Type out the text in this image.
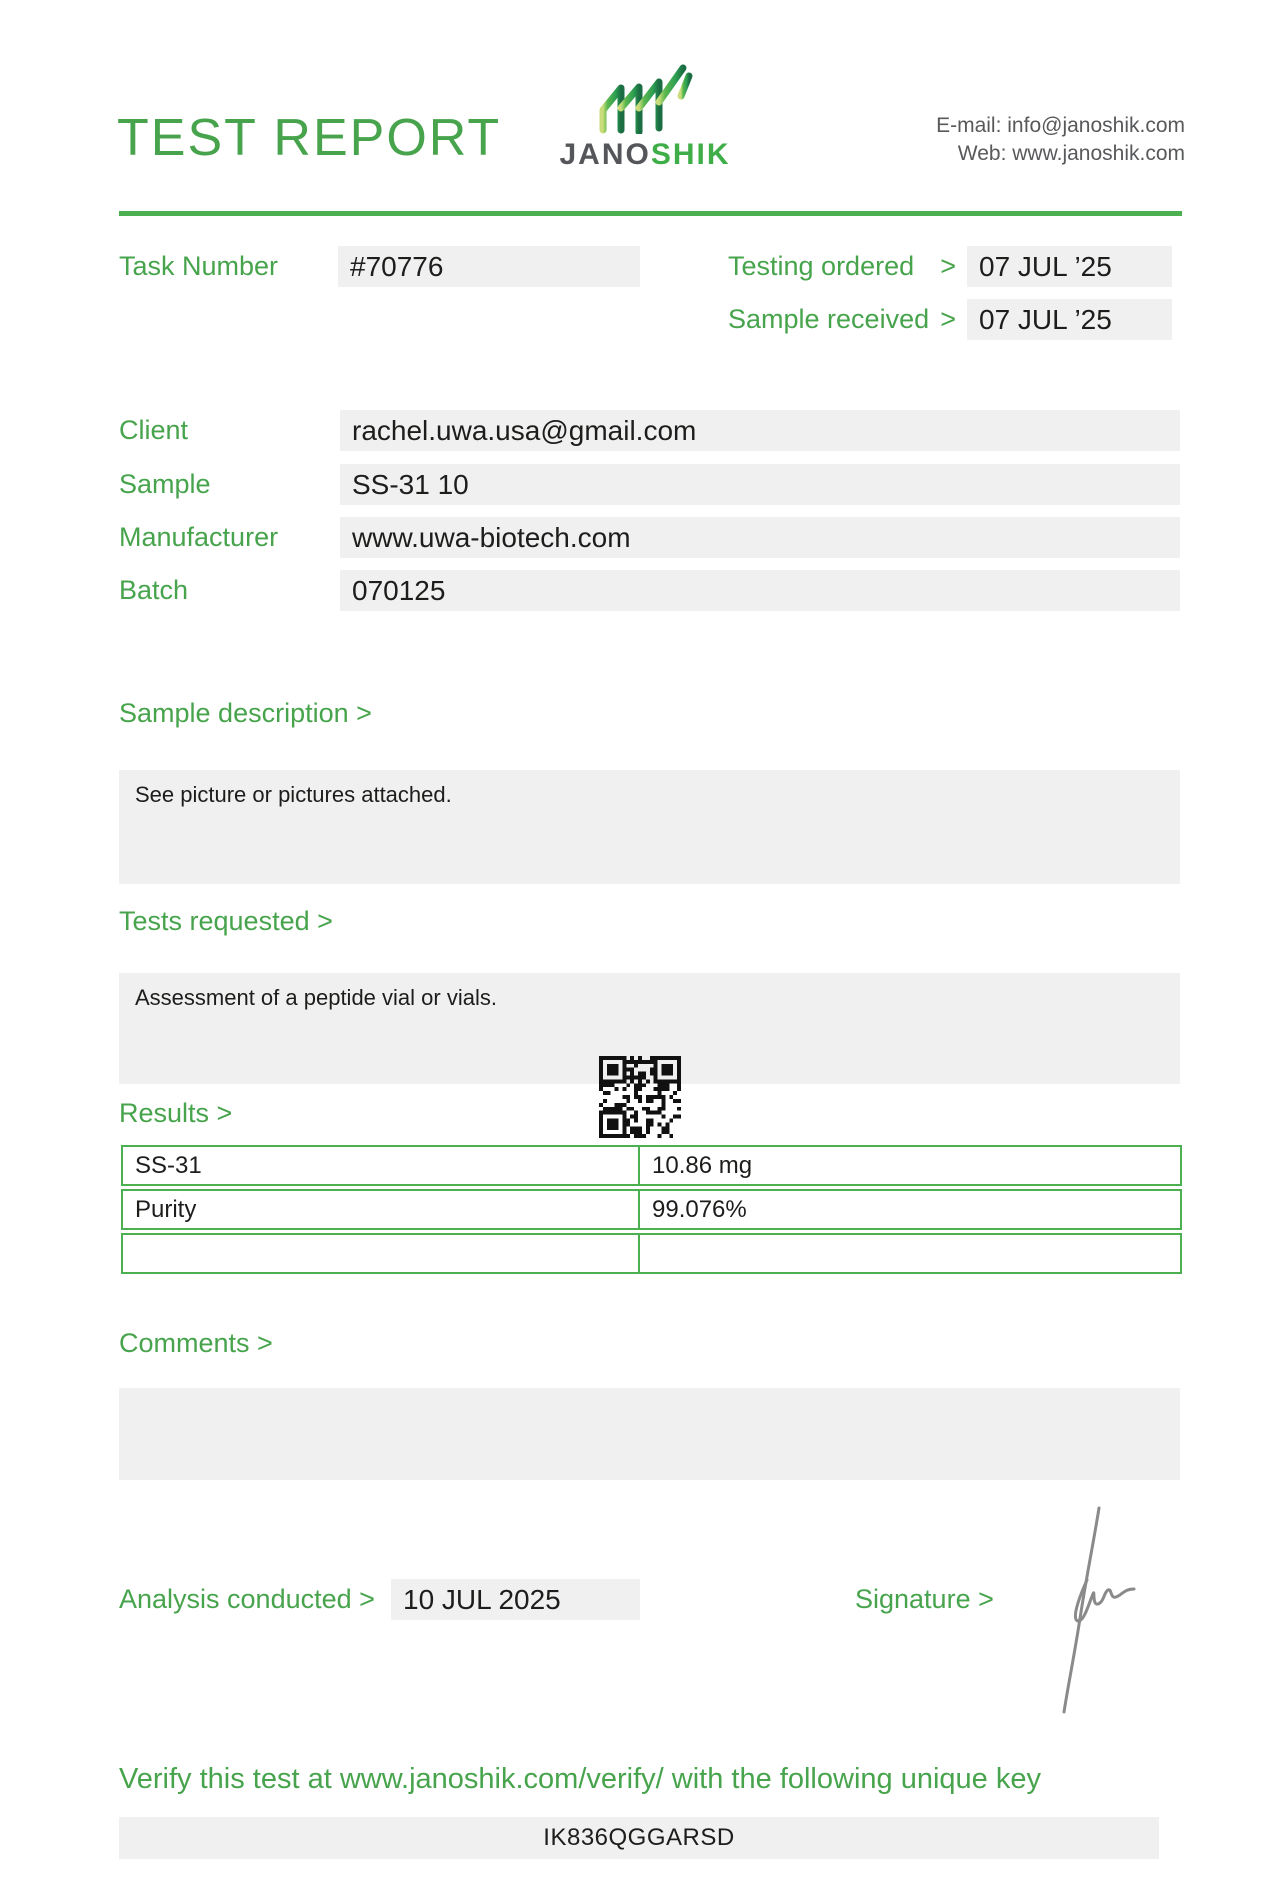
TEST REPORT	JANOSHIK
E-mail: info@janoshik.com
Web: www.janoshik.com
Task Number	#70776	Testing ordered > 07 JUL ’25
Sample received > 07 JUL ’25
Client	rachel.uwa.usa@gmail.com
Sample	SS-31 10
Manufacturer	www.uwa-biotech.com
Batch	070125
Sample description >
See picture or pictures attached.
Tests requested >
Assessment of a peptide vial or vials.
Results >
SS-31	10.86 mg
Purity	99.076%
Comments >
Analysis conducted >	10 JUL 2025	Signature >
Verify this test at www.janoshik.com/verify/ with the following unique key
IK836QGGARSD
